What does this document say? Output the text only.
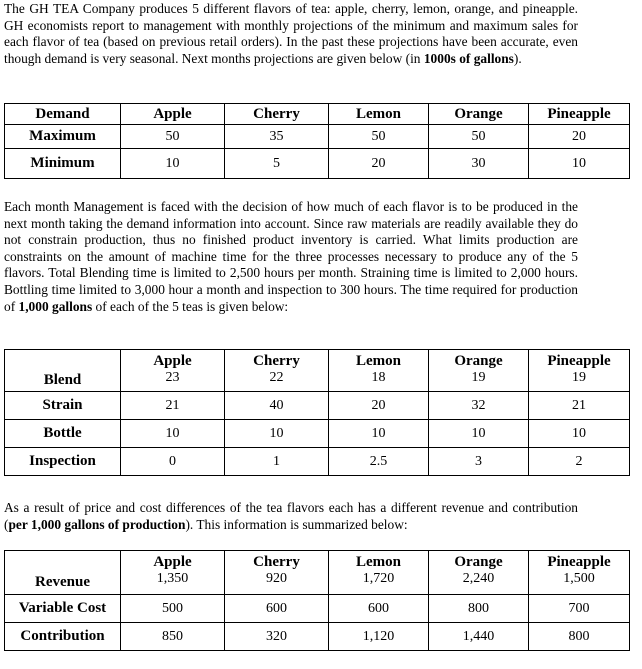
The GH TEA Company produces 5 different flavors of tea: apple, cherry, lemon, orange, and pineapple. GH economists report to management with monthly projections of the minimum and maximum sales for each flavor of tea (based on previous retail orders). In the past these projections have been accurate, even though demand is very seasonal. Next months projections are given below (in 1000s of gallons).

Demand	Apple	Cherry	Lemon	Orange	Pineapple
Maximum	50	35	50	50	20
Minimum	10	5	20	30	10

Each month Management is faced with the decision of how much of each flavor is to be produced in the next month taking the demand information into account. Since raw materials are readily available they do not constrain production, thus no finished product inventory is carried. What limits production are constraints on the amount of machine time for the three processes necessary to produce any of the 5 flavors. Total Blending time is limited to 2,500 hours per month. Straining time is limited to 2,000 hours. Bottling time limited to 3,000 hour a month and inspection to 300 hours. The time required for production of 1,000 gallons of each of the 5 teas is given below:

	Apple	Cherry	Lemon	Orange	Pineapple
Blend	23	22	18	19	19
Strain	21	40	20	32	21
Bottle	10	10	10	10	10
Inspection	0	1	2.5	3	2

As a result of price and cost differences of the tea flavors each has a different revenue and contribution (per 1,000 gallons of production). This information is summarized below:

	Apple	Cherry	Lemon	Orange	Pineapple
Revenue	1,350	920	1,720	2,240	1,500
Variable Cost	500	600	600	800	700
Contribution	850	320	1,120	1,440	800
